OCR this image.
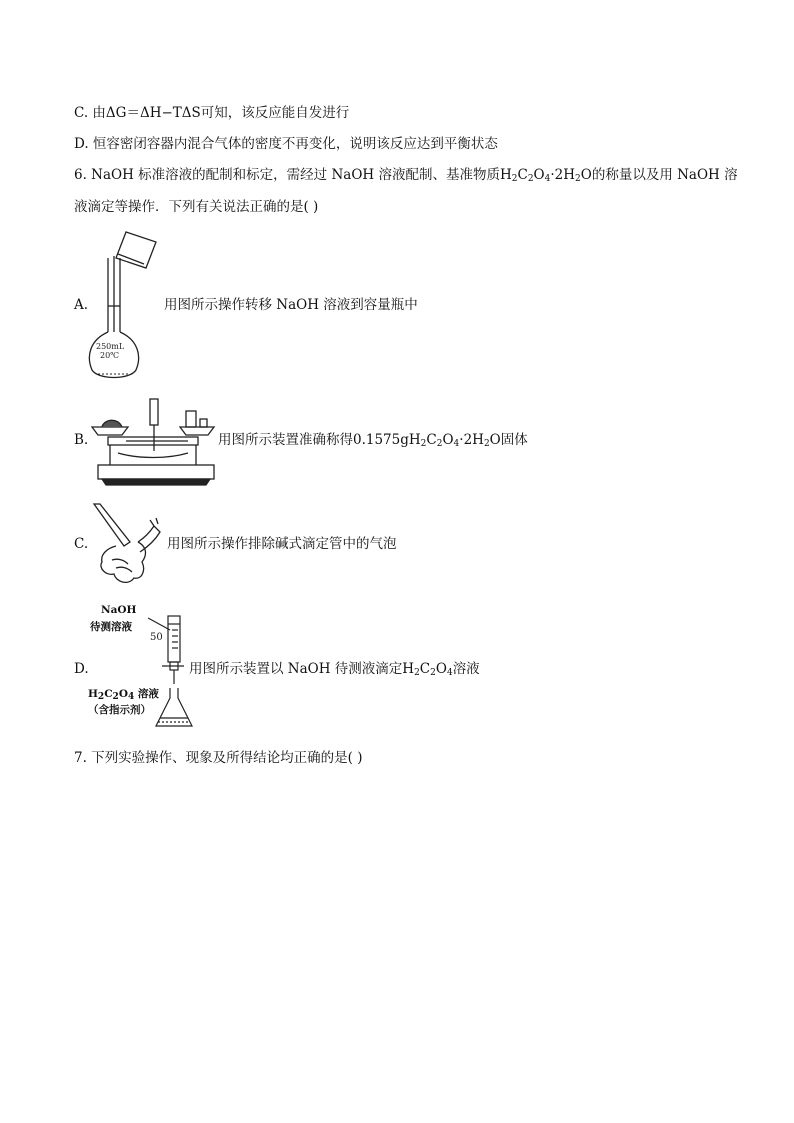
C. 由ΔG＝ΔH−TΔS可知，该反应能自发进行
D. 恒容密闭容器内混合气体的密度不再变化，说明该反应达到平衡状态
6. NaOH 标准溶液的配制和标定，需经过 NaOH 溶液配制、基准物质$H_2C_2O_4\cdot 2H_2O$的称量以及用 NaOH 溶
液滴定等操作．下列有关说法正确的是( )
A.
250mL
20℃
用图所示操作转移 NaOH 溶液到容量瓶中
B.	用图所示装置准确称得$0.1575gH_2C_2O_4\cdot 2H_2O$固体
C.	用图所示操作排除碱式滴定管中的气泡
D.
NaOH
待测溶液
$H_2C_2O_4$ 溶液
（含指示剂）
50
用图所示装置以 NaOH 待测液滴定$H_2C_2O_4$溶液
7. 下列实验操作、现象及所得结论均正确的是( )
